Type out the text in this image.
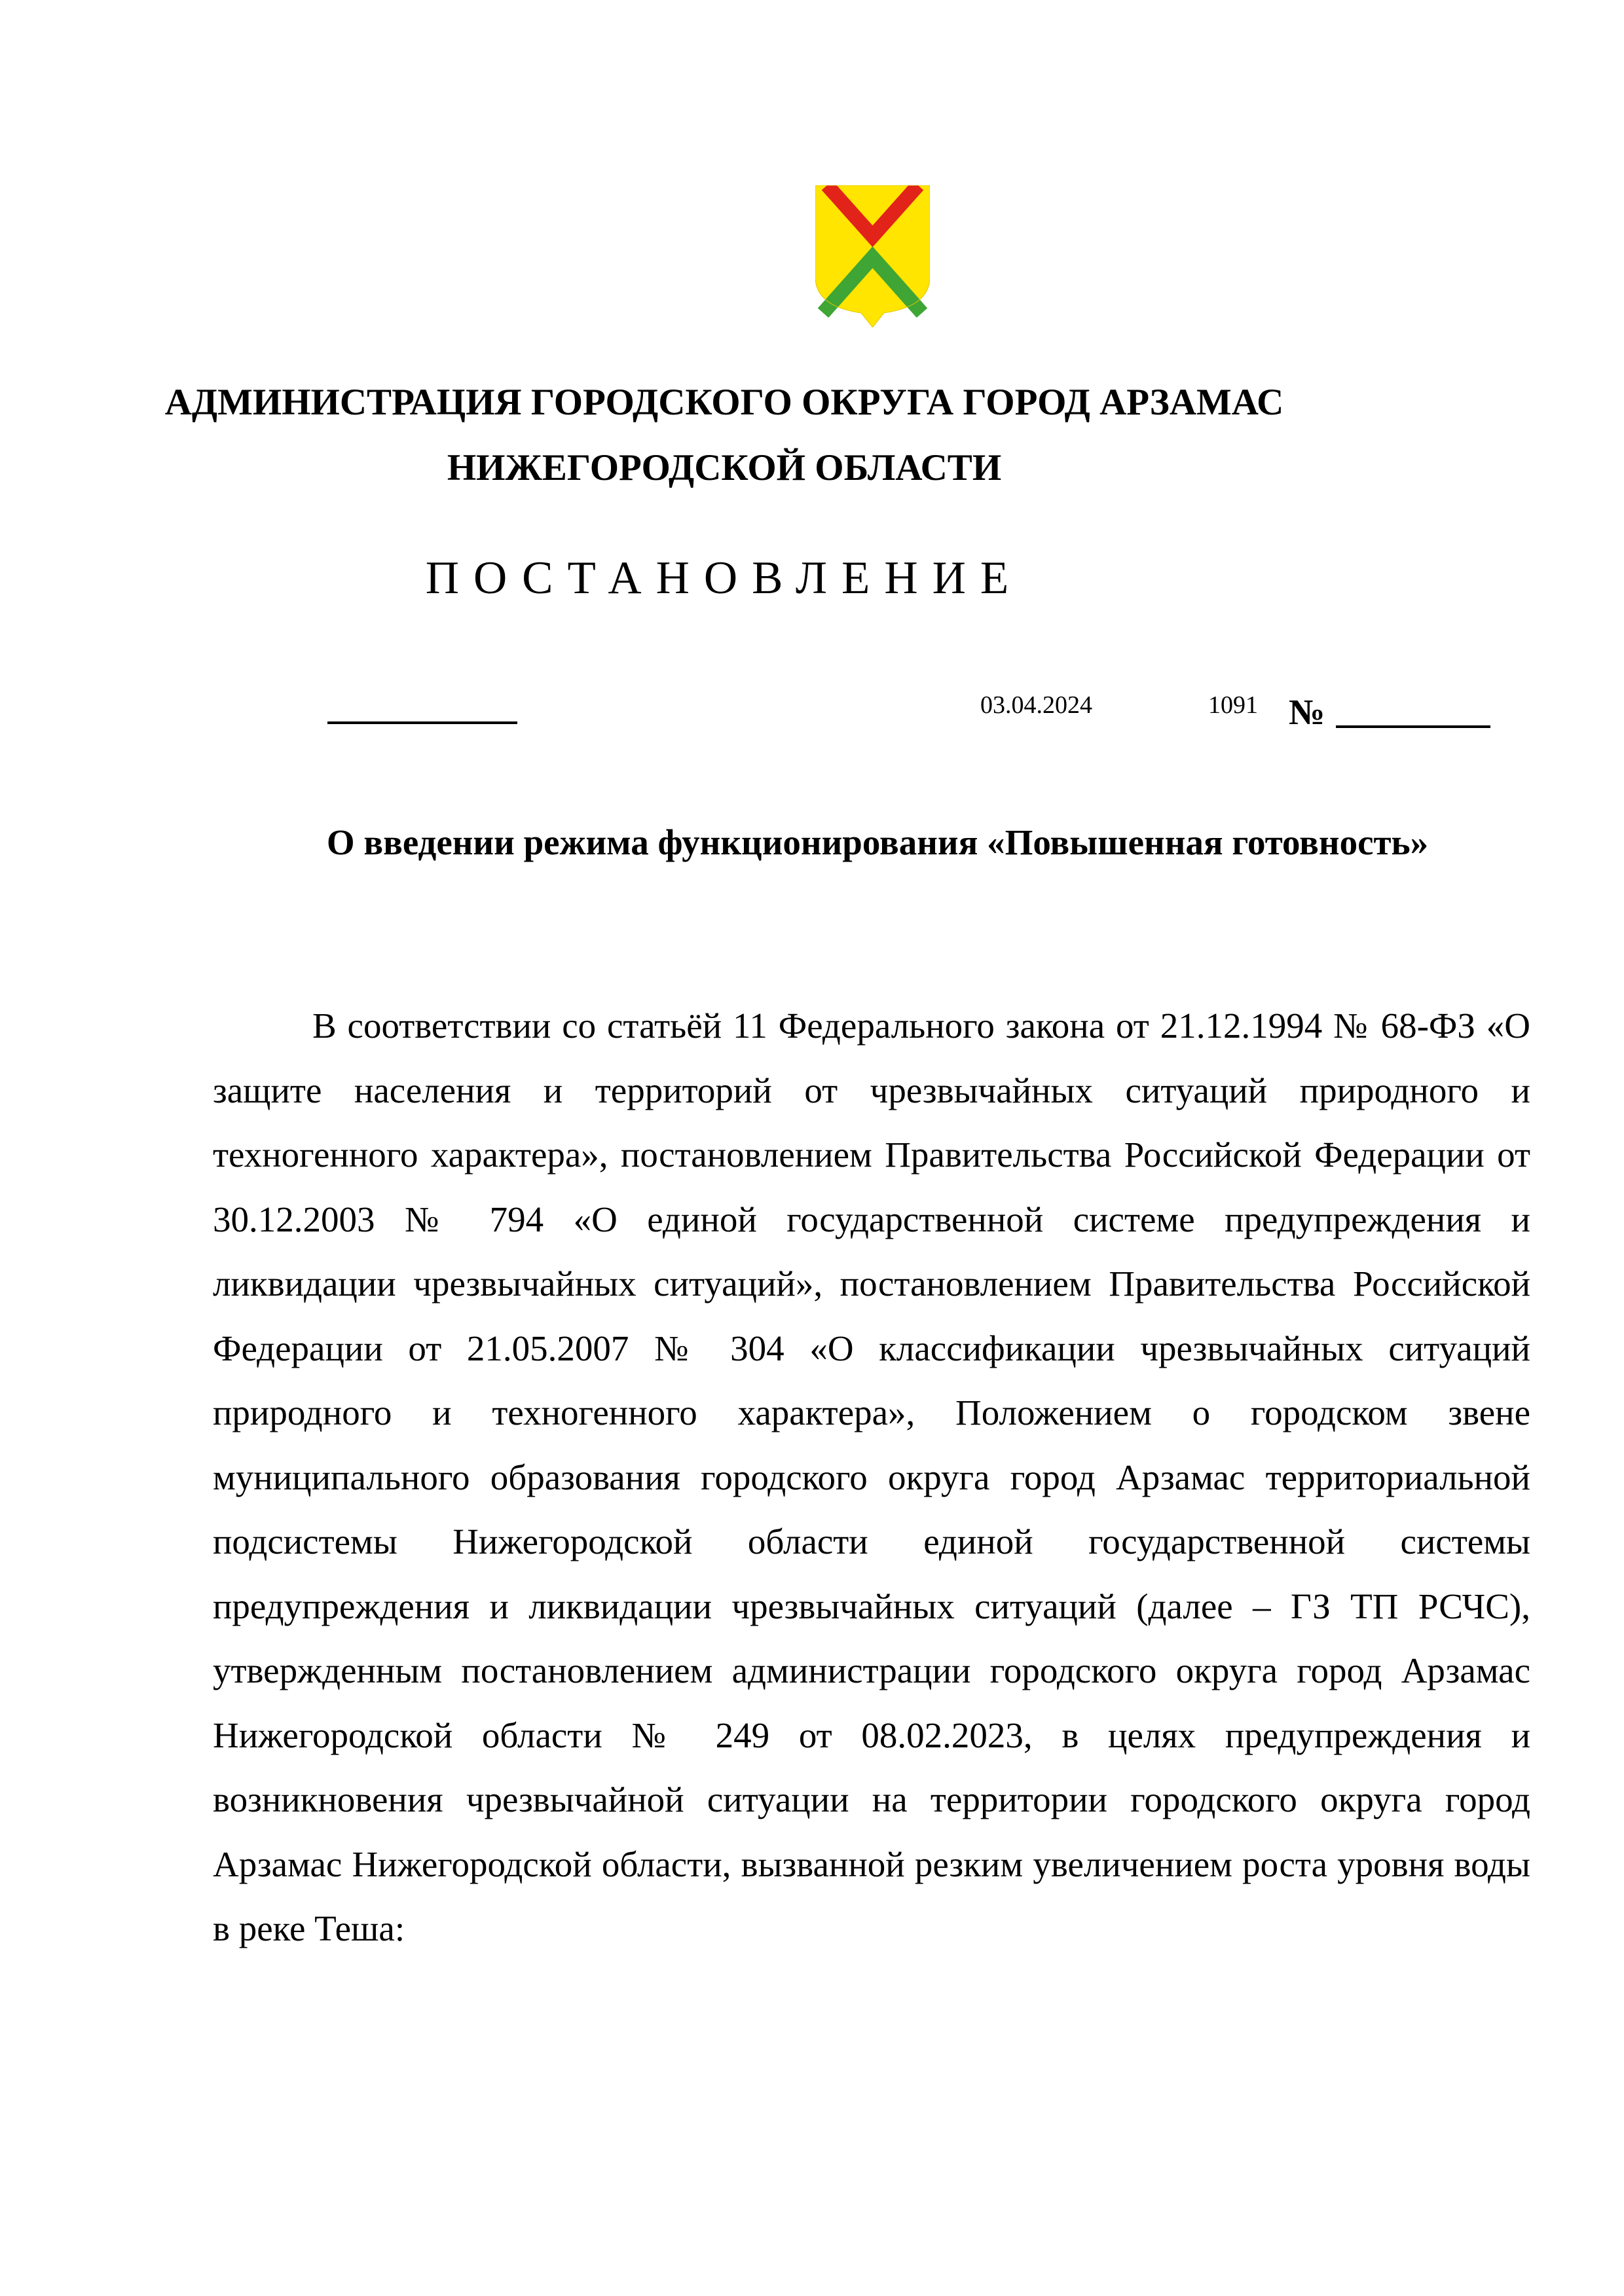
АДМИНИСТРАЦИЯ ГОРОДСКОГО ОКРУГА ГОРОД АРЗАМАС
НИЖЕГОРОДСКОЙ ОБЛАСТИ
ПОСТАНОВЛЕНИЕ
03.04.2024	1091 №
О введении режима функционирования «Повышенная готовность»

В соответствии со статьёй 11 Федерального закона от 21.12.1994 № 68-ФЗ «О защите населения и территорий от чрезвычайных ситуаций природного и техногенного характера», постановлением Правительства Российской Федерации от 30.12.2003 № 794 «О единой государственной системе предупреждения и ликвидации чрезвычайных ситуаций», постановлением Правительства Российской Федерации от 21.05.2007 № 304 «О классификации чрезвычайных ситуаций природного и техногенного характера», Положением о городском звене муниципального образования городского округа город Арзамас территориальной подсистемы Нижегородской области единой государственной системы предупреждения и ликвидации чрезвычайных ситуаций (далее – ГЗ ТП РСЧС), утвержденным постановлением администрации городского округа город Арзамас Нижегородской области № 249 от 08.02.2023, в целях предупреждения и возникновения чрезвычайной ситуации на территории городского округа город Арзамас Нижегородской области, вызванной резким увеличением роста уровня воды в реке Теша:
